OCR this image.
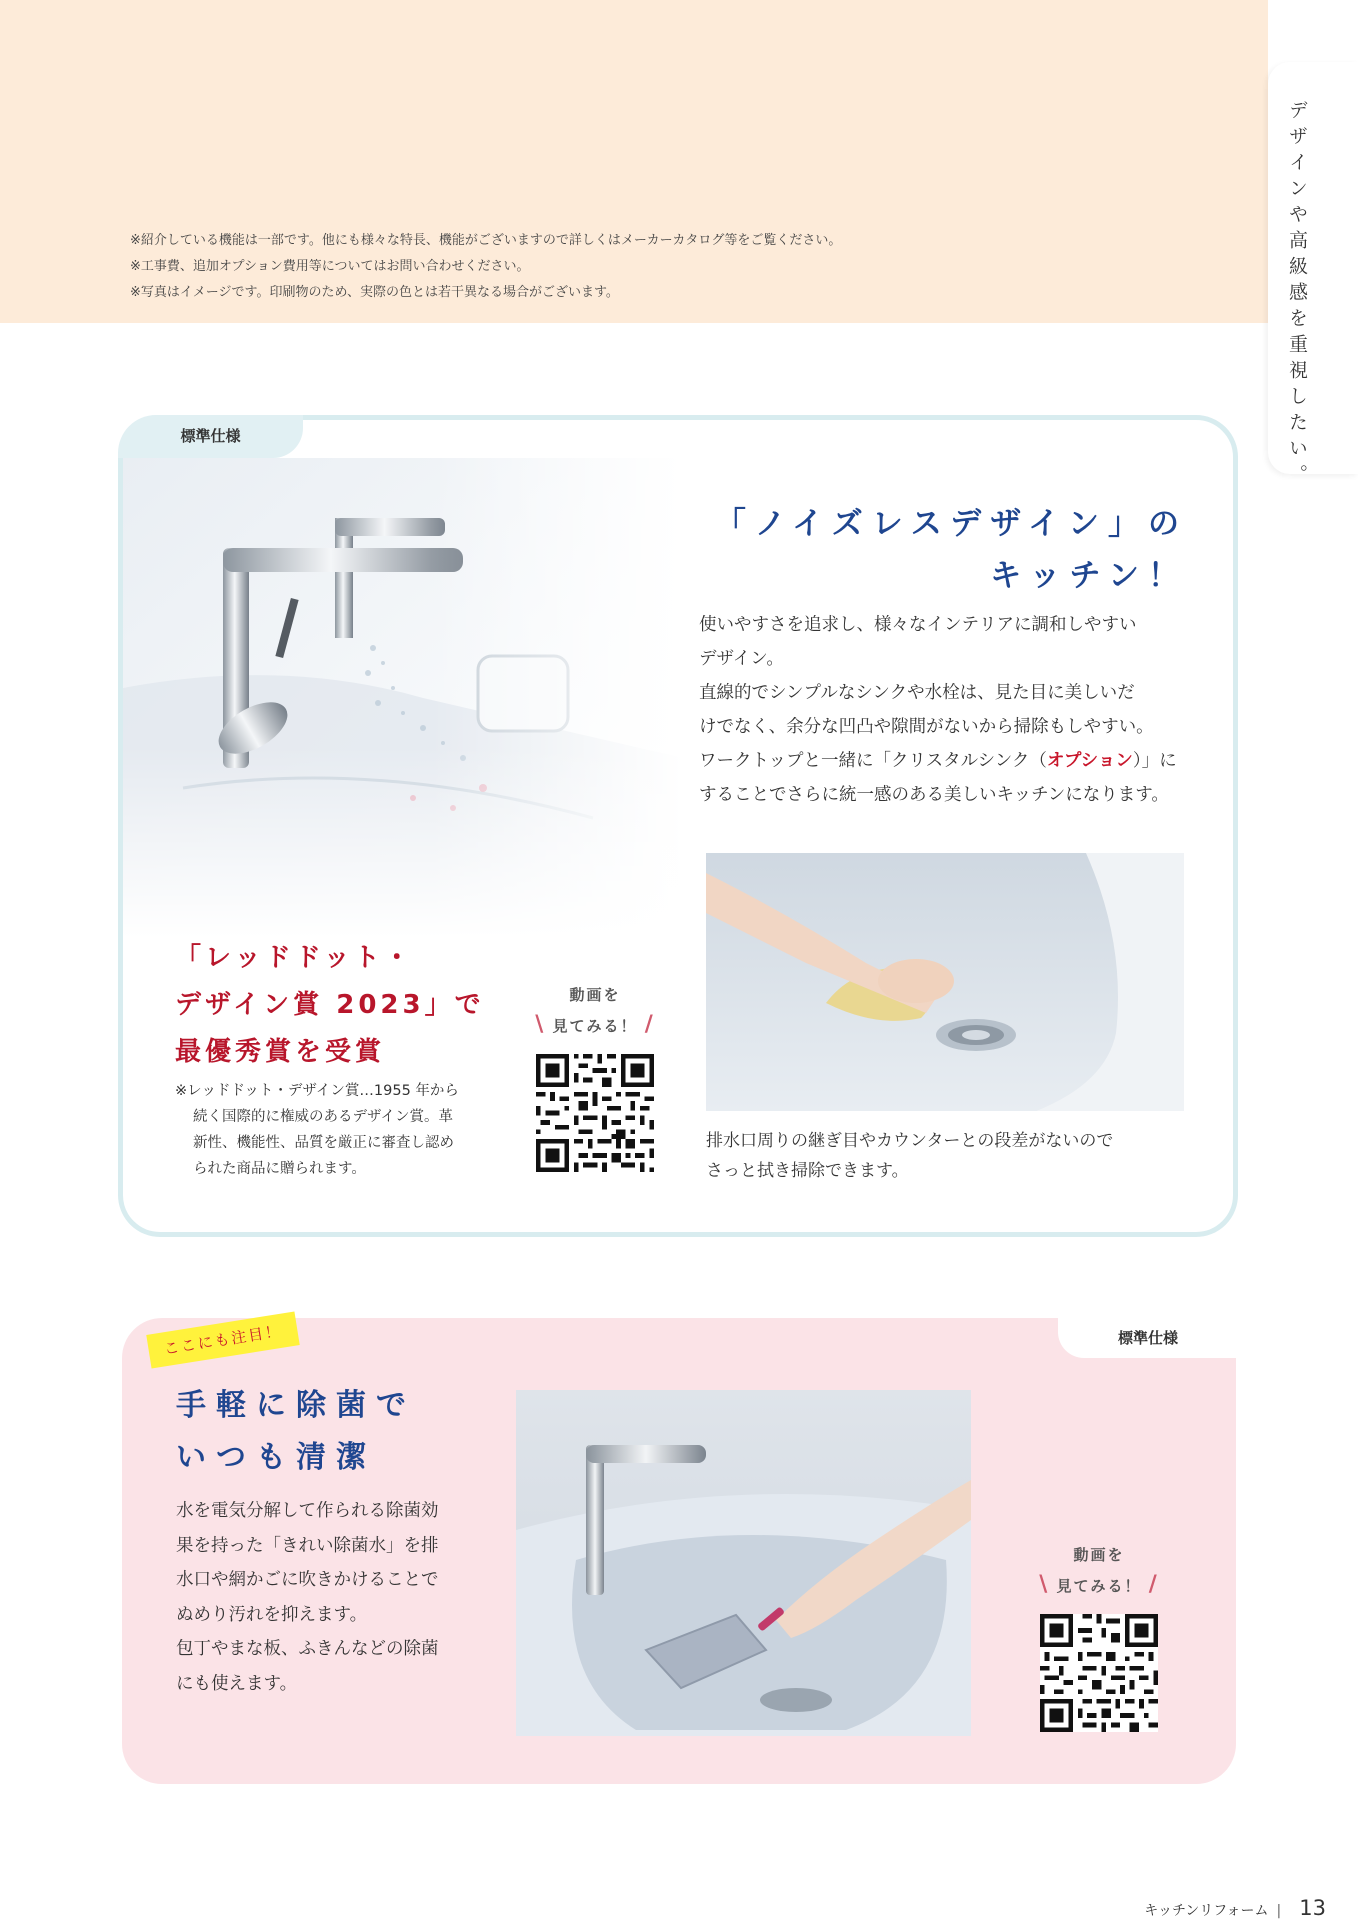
※紹介している機能は一部です。他にも様々な特長、機能がございますので詳しくはメーカーカタログ等をご覧ください。
※工事費、追加オプション費用等についてはお問い合わせください。
※写真はイメージです。印刷物のため、実際の色とは若干異なる場合がございます。	デザインや高級感を重視したい。
標準仕様
「ノイズレスデザイン」の
キッチン！
使いやすさを追求し、様々なインテリアに調和しやすい
デザイン。
直線的でシンプルなシンクや水栓は、見た目に美しいだ
けでなく、余分な凹凸や隙間がないから掃除もしやすい。
ワークトップと一緒に「クリスタルシンク（オプション）」に
することでさらに統一感のある美しいキッチンになります。
「レッドドット・
デザイン賞 2023」で
最優秀賞を受賞
※レッドドット・デザイン賞…1955 年から
続く国際的に権威のあるデザイン賞。革
新性、機能性、品質を厳正に審査し認め
られた商品に贈られます。
動画を
\ 見てみる！ /
排水口周りの継ぎ目やカウンターとの段差がないので
さっと拭き掃除できます。
標準仕様
ここにも注目！
手軽に除菌で
いつも清潔
水を電気分解して作られる除菌効
果を持った「きれい除菌水」を排
水口や網かごに吹きかけることで
ぬめり汚れを抑えます。
包丁やまな板、ふきんなどの除菌
にも使えます。
動画を
\ 見てみる！ /
キッチンリフォーム | 13
